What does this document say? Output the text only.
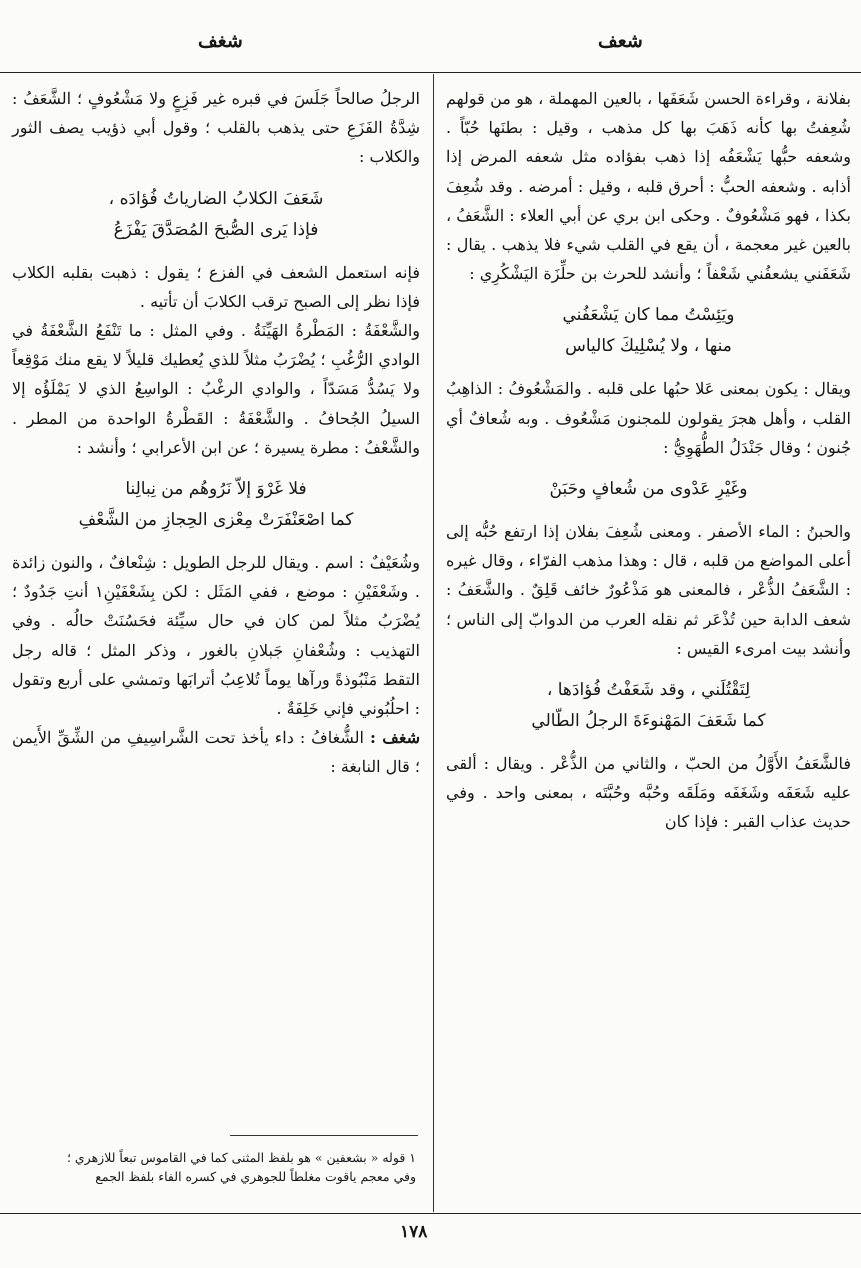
شعف
شغف

بفلانة ، وقراءة الحسن شَعَفَها ، بالعين المهملة ، هو من قولهم شُعِفتُ بها كأنه ذَهَبَ بها كل مذهب ، وقيل : بطنَها حُبّاً . وشعفه حبُّها يَشْعَفُه إذا ذهب بفؤاده مثل شعفه المرض إذا أذابه . وشعفه الحبُّ : أحرق قلبه ، وقيل : أمرضه . وقد شُعِفَ بكذا ، فهو مَشْعُوفٌ . وحكى ابن بري عن أبي العلاء : الشَّعَفُ ، بالعين غير معجمة ، أن يقع في القلب شيء فلا يذهب . يقال : شَعَفَني يشعفُني شَعْفاً ؛ وأنشد للحرث بن حلِّزَة اليَشْكُرِي :

ويَئِسْتُ مما كان يَشْعَفُني
منها ، ولا يُسْلِيكَ كالياس

ويقال : يكون بمعنى عَلا حبُها على قلبه . والمَشْعُوفُ : الذاهِبُ القلب ، وأهل هجرَ يقولون للمجنون مَشْعُوف . وبه شُعافٌ أي جُنون ؛ وقال جَنْدَلُ الطُّهَوِيُّ :

وغَيْرِ عَدْوى من شُعافٍ وحَبَنْ

والحبنُ : الماء الأصفر . ومعنى شُعِفَ بفلان إذا ارتفع حُبُّه إلى أعلى المواضع من قلبه ، قال : وهذا مذهب الفرّاء ، وقال غيره : الشَّعَفُ الذُّعْر ، فالمعنى هو مَذْعُورٌ خائف قَلِقٌ . والشَّعَفُ : شعف الدابة حين تُذْعَر ثم نقله العرب من الدوابّ إلى الناس ؛ وأنشد بيت امرىء القيس :

لِتَقْتُلَني ، وقد شَعَفْتُ فُؤادَها ،
كما شَعَفَ المَهْنوءَةَ الرجلُ الطّالي

فالشَّعَفُ الأَوَّلُ من الحبّ ، والثاني من الذُّعْر . ويقال : ألقى عليه شَعَفَه وشَغَفَه ومَلَقَه وحُبَّه وحُبَّتَه ، بمعنى واحد . وفي حديث عذاب القبر : فإذا كان

الرجلُ صالحاً جَلَسَ في قبره غير فَزِعٍ ولا مَشْعُوفٍ ؛ الشَّعَفُ : شِدَّةُ الفَزَعِ حتى يذهب بالقلب ؛ وقول أبي ذؤيب يصف الثور والكلاب :

شَعَفَ الكلابُ الضارياتُ فُؤادَه ،
فإذا يَرى الصُّبحَ المُصَدَّقَ يَفْزَعُ

فإنه استعمل الشعف في الفزع ؛ يقول : ذهبت بقلبه الكلاب فإذا نظر إلى الصبح ترقب الكلابَ أن تأتيه .

والشَّعْفَةُ : المَطْرةُ الهَيِّنَةُ . وفي المثل : ما تَنْفَعُ الشَّعْفَةُ في الوادي الرُّغُبِ ؛ يُضْرَبُ مثلاً للذي يُعطيك قليلاً لا يقع منك مَوْقِعاً ولا يَسُدُّ مَسَدّاً ، والوادي الرغْبُ : الواسِعُ الذي لا يَمْلَؤُه إلا السيلُ الجُحافُ . والشَّعْفَةُ : القَطْرةُ الواحدة من المطر . والشَّعْفُ : مطرة يسيرة ؛ عن ابن الأعرابي ؛ وأنشد :

فلا غَرْوَ إلاّ نَرُوهُم من نِبالِنا
كما اصْعَنْفَرَتْ مِعْزى الحِجازِ من الشَّعْفِ

وشُعَيْفٌ : اسم . ويقال للرجل الطويل : شِنْعافٌ ، والنون زائدة . وشَعْفَيْنِ : موضع ، ففي المَثَل : لكن بِشَعْفَيْنِ١ أنتِ جَدُودٌ ؛ يُضْرَبُ مثلاً لمن كان في حال سيِّئة فحَسُنَتْ حالُه . وفي التهذيب : وشُعْفانِ جَبلانِ بالغور ، وذكر المثل ؛ قاله رجل التقط مَنْبُوذةً ورآها يوماً تُلاعِبُ أترابَها وتمشي على أربع وتقول : احلُبُوني فإني خَلِفَةٌ .

شغف : الشُّغافُ : داء يأخذ تحت الشَّراسِيفِ من الشِّقِّ الأَيمن ؛ قال النابغة :

١ قوله « بشعفين » هو بلفظ المثنى كما في القاموس تبعاً للازهري ؛
وفي معجم ياقوت مغلطاً للجوهري في كسره الفاء بلفظ الجمع
١٧٨
